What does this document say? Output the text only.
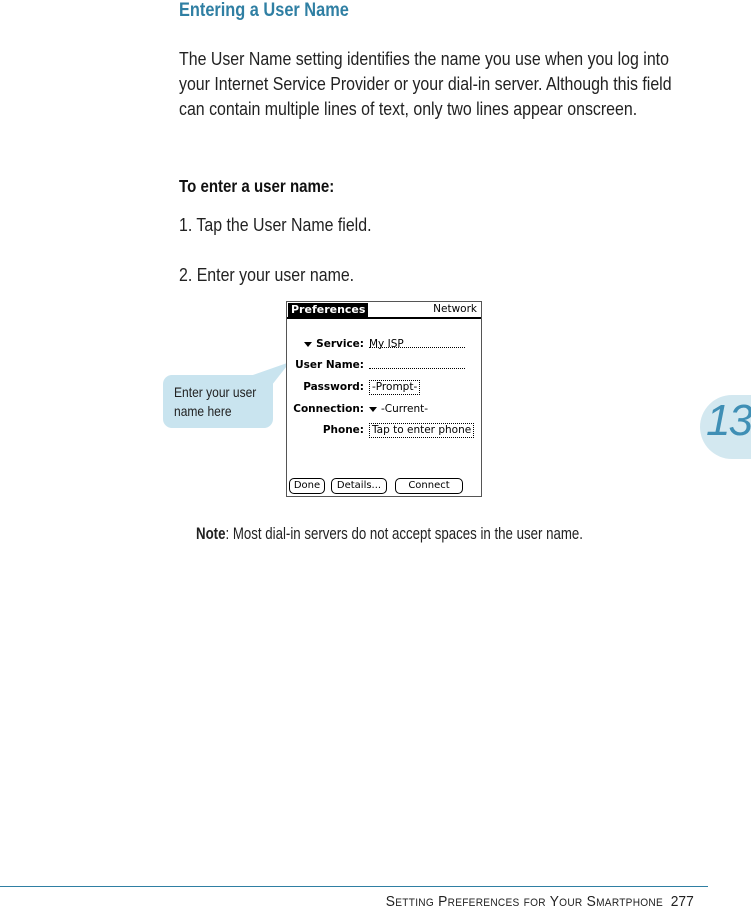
Entering a User Name
The User Name setting identifies the name you use when you log into your Internet Service Provider or your dial-in server. Although this field can contain multiple lines of text, only two lines appear onscreen.
To enter a user name:
1. Tap the User Name field.
2. Enter your user name.
Enter your user
name here
Preferences	Network
Service: My ISP
User Name:
Password: -Prompt-
Connection:	-Current-
Phone: Tap to enter phone
Done	Details...	Connect
Note: Most dial-in servers do not accept spaces in the user name.
13
Setting Preferences for Your Smartphone 277
